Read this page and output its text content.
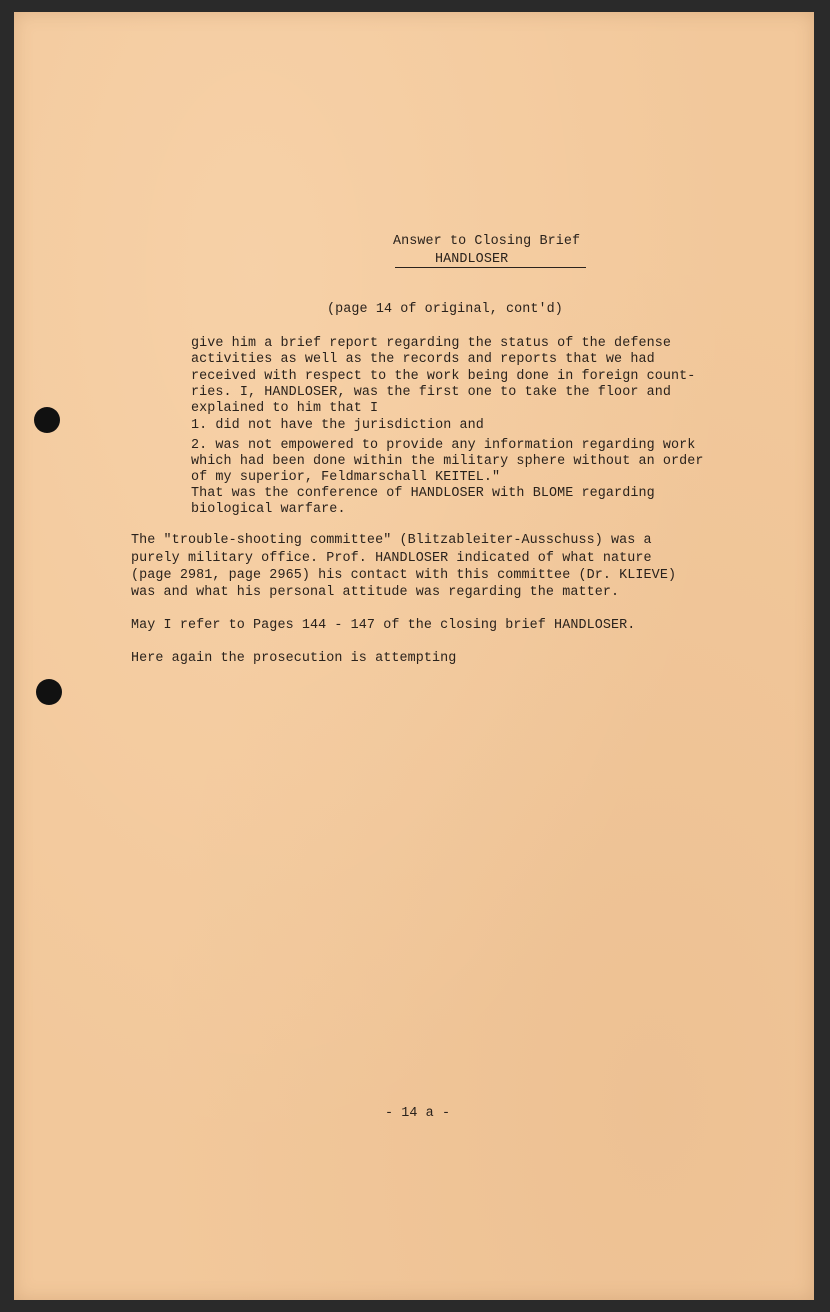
Answer to Closing Brief
HANDLOSER
(page 14 of original, cont'd)
give him a brief report regarding the status of the defense
activities as well as the records and reports that we had
received with respect to the work being done in foreign count-
ries. I, HANDLOSER, was the first one to take the floor and
explained to him that I
1. did not have the jurisdiction and
2. was not empowered to provide any information regarding work
which had been done within the military sphere without an order
of my superior, Feldmarschall KEITEL."
That was the conference of HANDLOSER with BLOME regarding
biological warfare.
The "trouble-shooting committee" (Blitzableiter-Ausschuss) was a
purely military office. Prof. HANDLOSER indicated of what nature
(page 2981, page 2965) his contact with this committee (Dr. KLIEVE)
was and what his personal attitude was regarding the matter.
May I refer to Pages 144 - 147 of the closing brief HANDLOSER.
Here again the prosecution is attempting
- 14 a -
